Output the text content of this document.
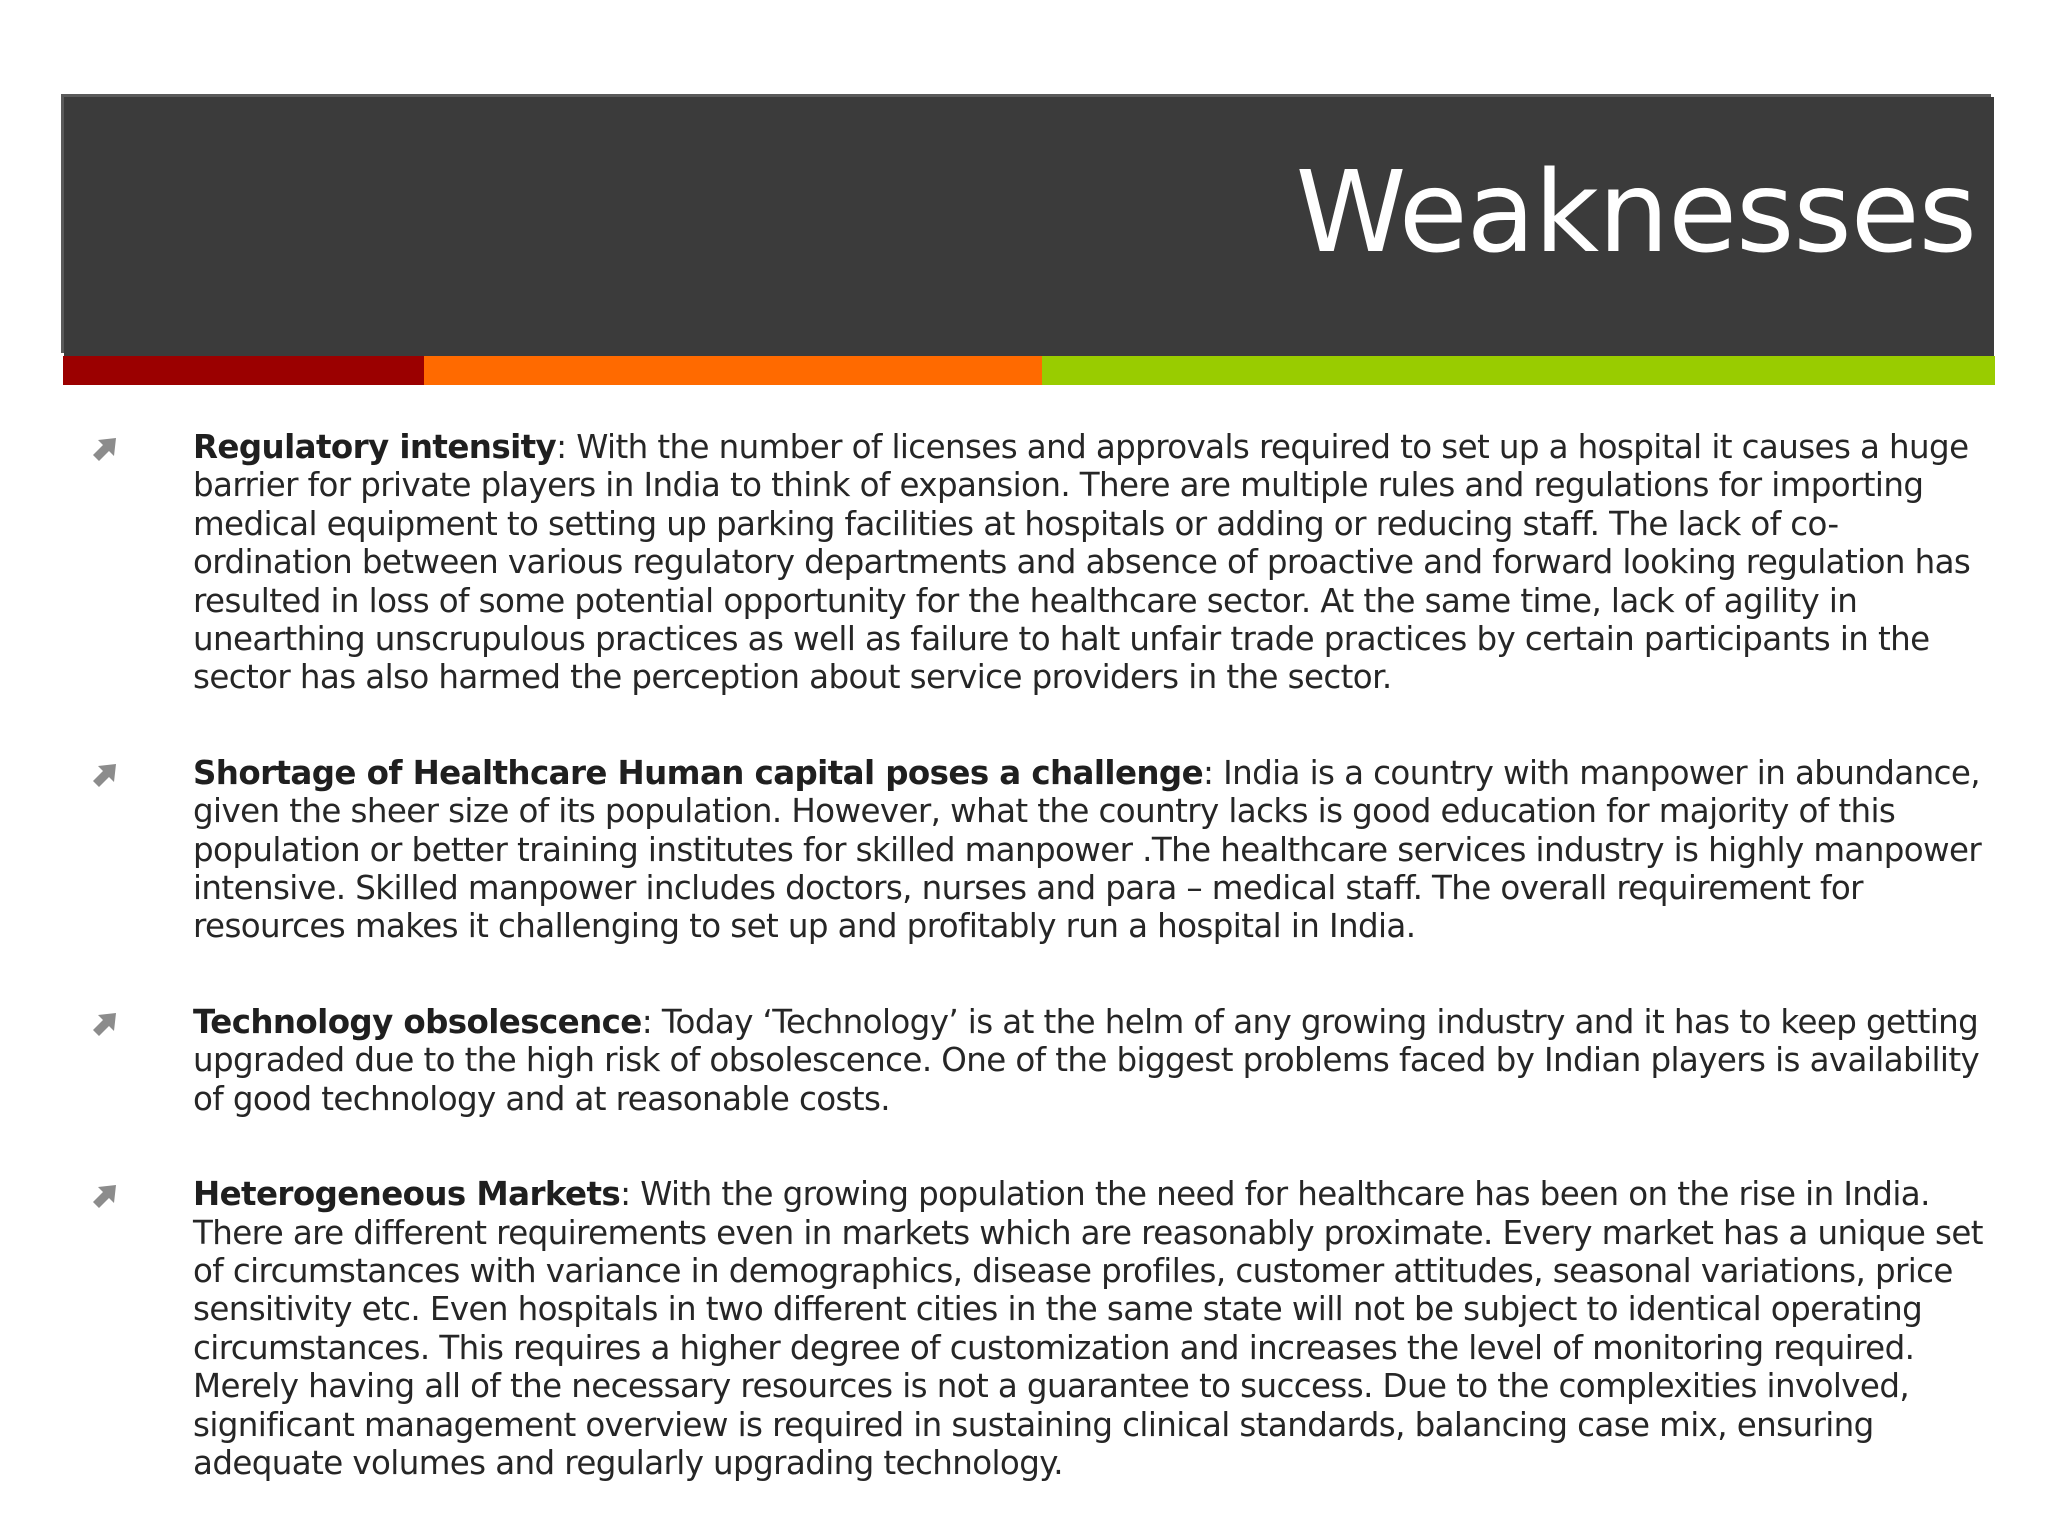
Weaknesses
Regulatory intensity: With the number of licenses and approvals required to set up a hospital it causes a huge barrier for private players in India to think of expansion. There are multiple rules and regulations for importing medical equipment to setting up parking facilities at hospitals or adding or reducing staff. The lack of co-ordination between various regulatory departments and absence of proactive and forward looking regulation has resulted in loss of some potential opportunity for the healthcare sector. At the same time, lack of agility in unearthing unscrupulous practices as well as failure to halt unfair trade practices by certain participants in the sector has also harmed the perception about service providers in the sector.
Shortage of Healthcare Human capital poses a challenge: India is a country with manpower in abundance, given the sheer size of its population. However, what the country lacks is good education for majority of this population or better training institutes for skilled manpower .The healthcare services industry is highly manpower intensive. Skilled manpower includes doctors, nurses and para – medical staff. The overall requirement for resources makes it challenging to set up and profitably run a hospital in India.
Technology obsolescence: Today ‘Technology’ is at the helm of any growing industry and it has to keep getting upgraded due to the high risk of obsolescence. One of the biggest problems faced by Indian players is availability of good technology and at reasonable costs.
Heterogeneous Markets: With the growing population the need for healthcare has been on the rise in India. There are different requirements even in markets which are reasonably proximate. Every market has a unique set of circumstances with variance in demographics, disease profiles, customer attitudes, seasonal variations, price sensitivity etc. Even hospitals in two different cities in the same state will not be subject to identical operating circumstances. This requires a higher degree of customization and increases the level of monitoring required. Merely having all of the necessary resources is not a guarantee to success. Due to the complexities involved, significant management overview is required in sustaining clinical standards, balancing case mix, ensuring adequate volumes and regularly upgrading technology.
